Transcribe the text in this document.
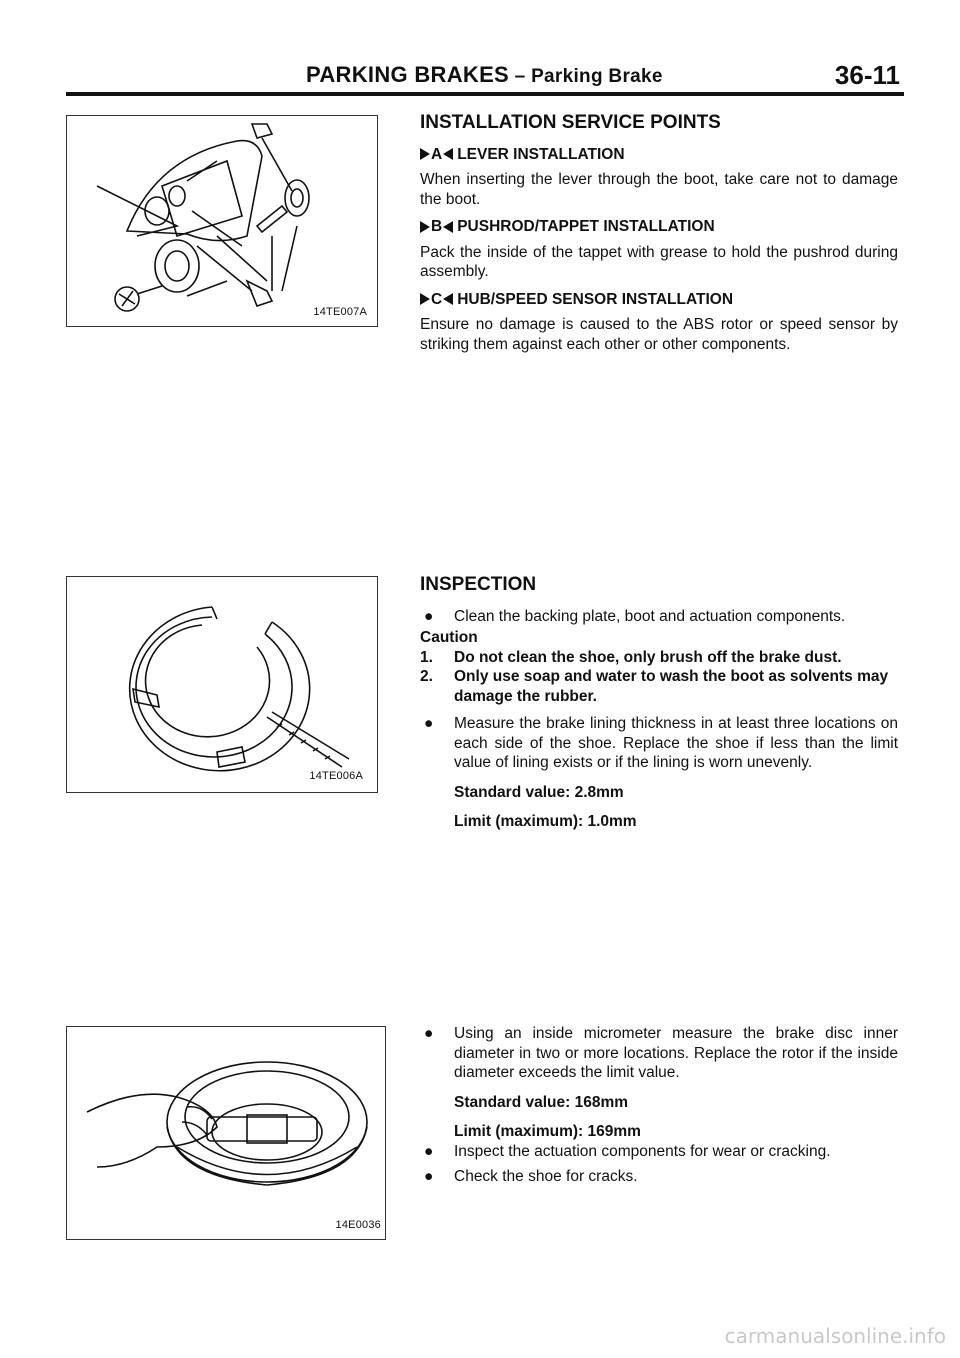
PARKING BRAKES – Parking Brake	36-11
14TE007A
14TE006A
14E0036
INSTALLATION SERVICE POINTS
A LEVER INSTALLATION

When inserting the lever through the boot, take care not to damage the boot.

B PUSHROD/TAPPET INSTALLATION

Pack the inside of the tappet with grease to hold the pushrod during assembly.

C HUB/SPEED SENSOR INSTALLATION

Ensure no damage is caused to the ABS rotor or speed sensor by striking them against each other or other components.

INSPECTION
● Clean the backing plate, boot and actuation components.
Caution
1. Do not clean the shoe, only brush off the brake dust.
2. Only use soap and water to wash the boot as solvents may damage the rubber.
● Measure the brake lining thickness in at least three locations on each side of the shoe. Replace the shoe if less than the limit value of lining exists or if the lining is worn unevenly.
Standard value: 2.8mm
Limit (maximum): 1.0mm
● Using an inside micrometer measure the brake disc inner diameter in two or more locations. Replace the rotor if the inside diameter exceeds the limit value.
Standard value: 168mm
Limit (maximum): 169mm
● Inspect the actuation components for wear or cracking.
● Check the shoe for cracks.
carmanualsonline.info
